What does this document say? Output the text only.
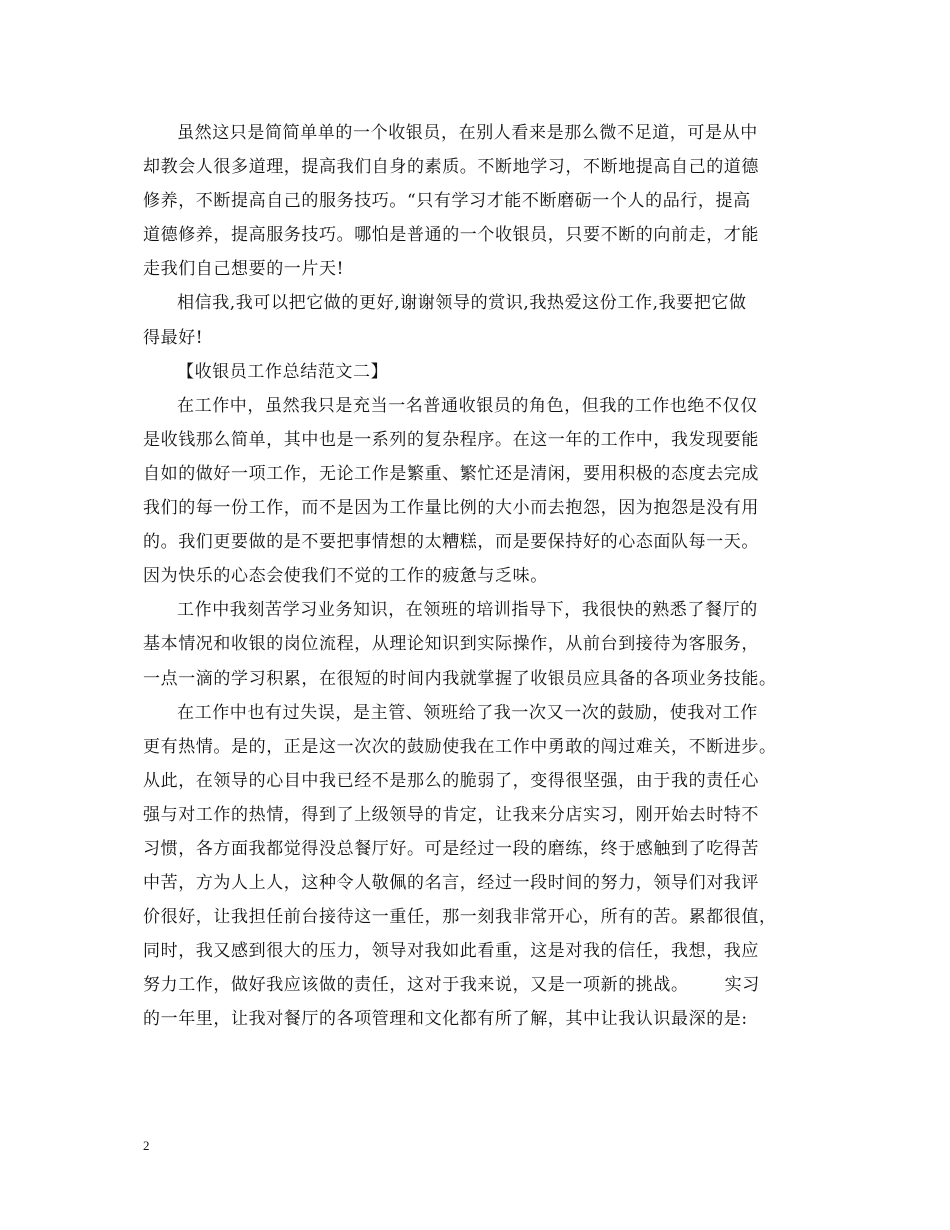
虽然这只是简简单单的一个收银员，在别人看来是那么微不足道，可是从中
却教会人很多道理，提高我们自身的素质。不断地学习，不断地提高自己的道德
修养，不断提高自己的服务技巧。“只有学习才能不断磨砺一个人的品行，提高
道德修养，提高服务技巧。哪怕是普通的一个收银员，只要不断的向前走，才能
走我们自己想要的一片天!
相信我,我可以把它做的更好,谢谢领导的赏识,我热爱这份工作,我要把它做
得最好!
【收银员工作总结范文二】
在工作中，虽然我只是充当一名普通收银员的角色，但我的工作也绝不仅仅
是收钱那么简单，其中也是一系列的复杂程序。在这一年的工作中，我发现要能
自如的做好一项工作，无论工作是繁重、繁忙还是清闲，要用积极的态度去完成
我们的每一份工作，而不是因为工作量比例的大小而去抱怨，因为抱怨是没有用
的。我们更要做的是不要把事情想的太糟糕，而是要保持好的心态面队每一天。
因为快乐的心态会使我们不觉的工作的疲惫与乏味。
工作中我刻苦学习业务知识，在领班的培训指导下，我很快的熟悉了餐厅的
基本情况和收银的岗位流程，从理论知识到实际操作，从前台到接待为客服务，
一点一滴的学习积累，在很短的时间内我就掌握了收银员应具备的各项业务技能。
在工作中也有过失误，是主管、领班给了我一次又一次的鼓励，使我对工作
更有热情。是的，正是这一次次的鼓励使我在工作中勇敢的闯过难关，不断进步。
从此，在领导的心目中我已经不是那么的脆弱了，变得很坚强，由于我的责任心
强与对工作的热情，得到了上级领导的肯定，让我来分店实习，刚开始去时特不
习惯，各方面我都觉得没总餐厅好。可是经过一段的磨练，终于感触到了吃得苦
中苦，方为人上人，这种令人敬佩的名言，经过一段时间的努力，领导们对我评
价很好，让我担任前台接待这一重任，那一刻我非常开心，所有的苦。累都很值，
同时，我又感到很大的压力，领导对我如此看重，这是对我的信任，我想，我应
努力工作，做好我应该做的责任，这对于我来说，又是一项新的挑战。      实习
的一年里，让我对餐厅的各项管理和文化都有所了解，其中让我认识最深的是:
2
